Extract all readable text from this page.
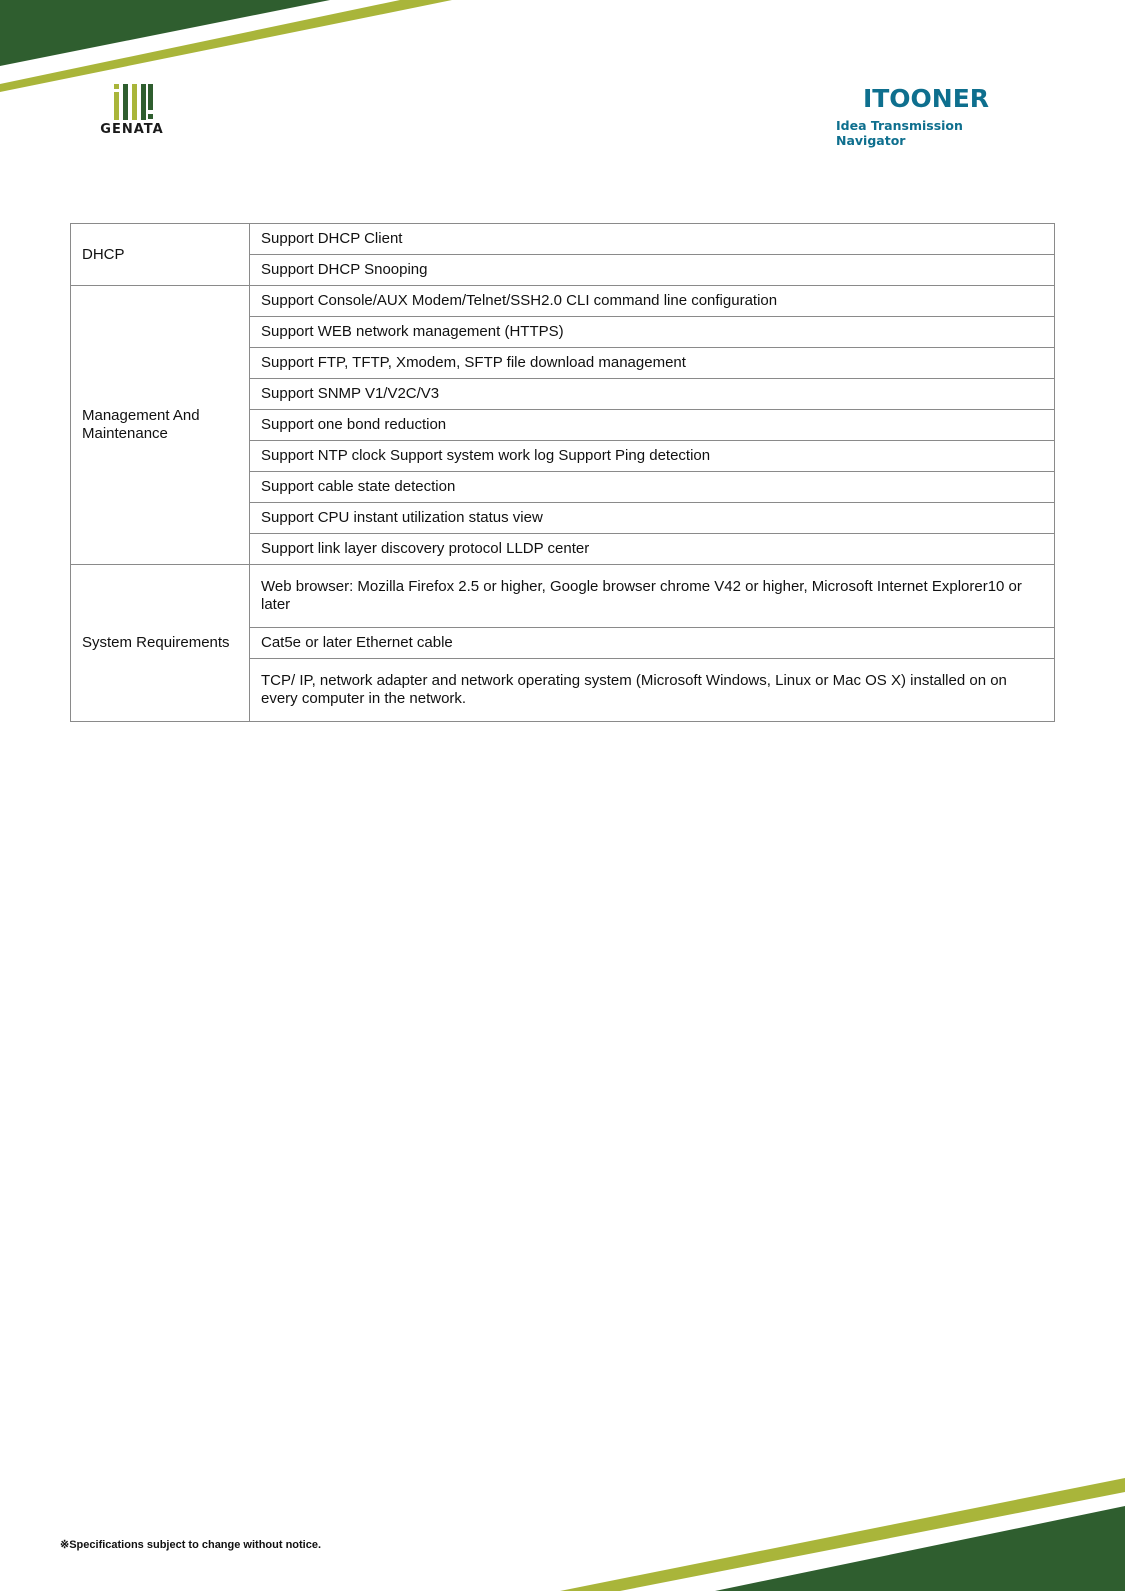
GENATA
ITOONER
Idea Transmission Navigator
DHCP	Support DHCP Client
	Support DHCP Snooping
Management And Maintenance	Support Console/AUX Modem/Telnet/SSH2.0 CLI command line configuration
	Support WEB network management (HTTPS)
	Support FTP, TFTP, Xmodem, SFTP file download management
	Support SNMP V1/V2C/V3
	Support one bond reduction
	Support NTP clock Support system work log Support Ping detection
	Support cable state detection
	Support CPU instant utilization status view
	Support link layer discovery protocol LLDP center
System Requirements	Web browser: Mozilla Firefox 2.5 or higher, Google browser chrome V42 or higher, Microsoft Internet Explorer10 or later
	Cat5e or later Ethernet cable
	TCP/ IP, network adapter and network operating system (Microsoft Windows, Linux or Mac OS X) installed on on every computer in the network.
※Specifications subject to change without notice.
